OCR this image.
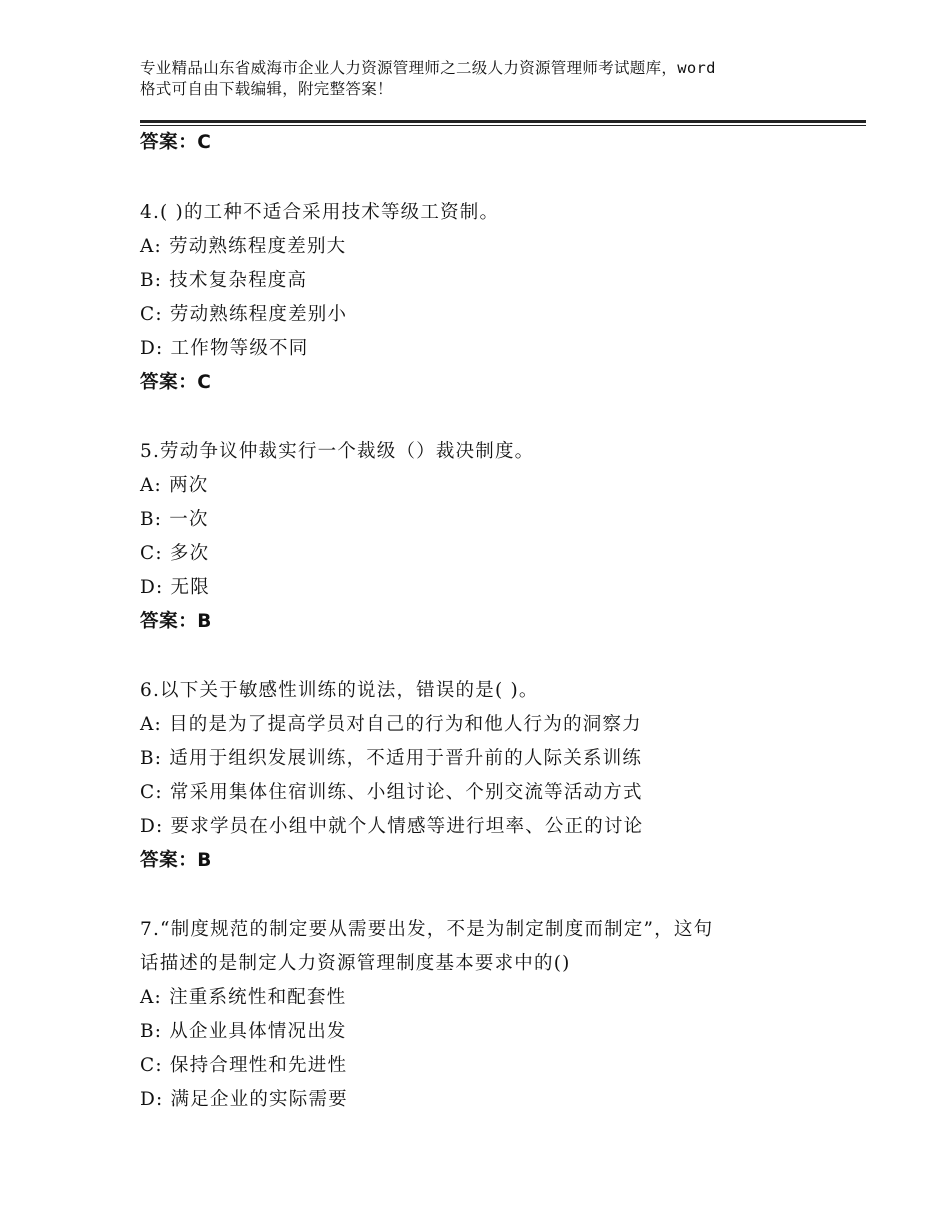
专业精品山东省威海市企业人力资源管理师之二级人力资源管理师考试题库，word
格式可自由下载编辑，附完整答案！
答案：C
4.( )的工种不适合采用技术等级工资制。
A: 劳动熟练程度差别大
B: 技术复杂程度高
C: 劳动熟练程度差别小
D: 工作物等级不同
答案：C
5.劳动争议仲裁实行一个裁级（）裁决制度。
A: 两次
B: 一次
C: 多次
D: 无限
答案：B
6.以下关于敏感性训练的说法，错误的是( )。
A: 目的是为了提高学员对自己的行为和他人行为的洞察力
B: 适用于组织发展训练，不适用于晋升前的人际关系训练
C: 常采用集体住宿训练、小组讨论、个别交流等活动方式
D: 要求学员在小组中就个人情感等进行坦率、公正的讨论
答案：B
7.“制度规范的制定要从需要出发，不是为制定制度而制定”，这句
话描述的是制定人力资源管理制度基本要求中的()
A: 注重系统性和配套性
B: 从企业具体情况出发
C: 保持合理性和先进性
D: 满足企业的实际需要
